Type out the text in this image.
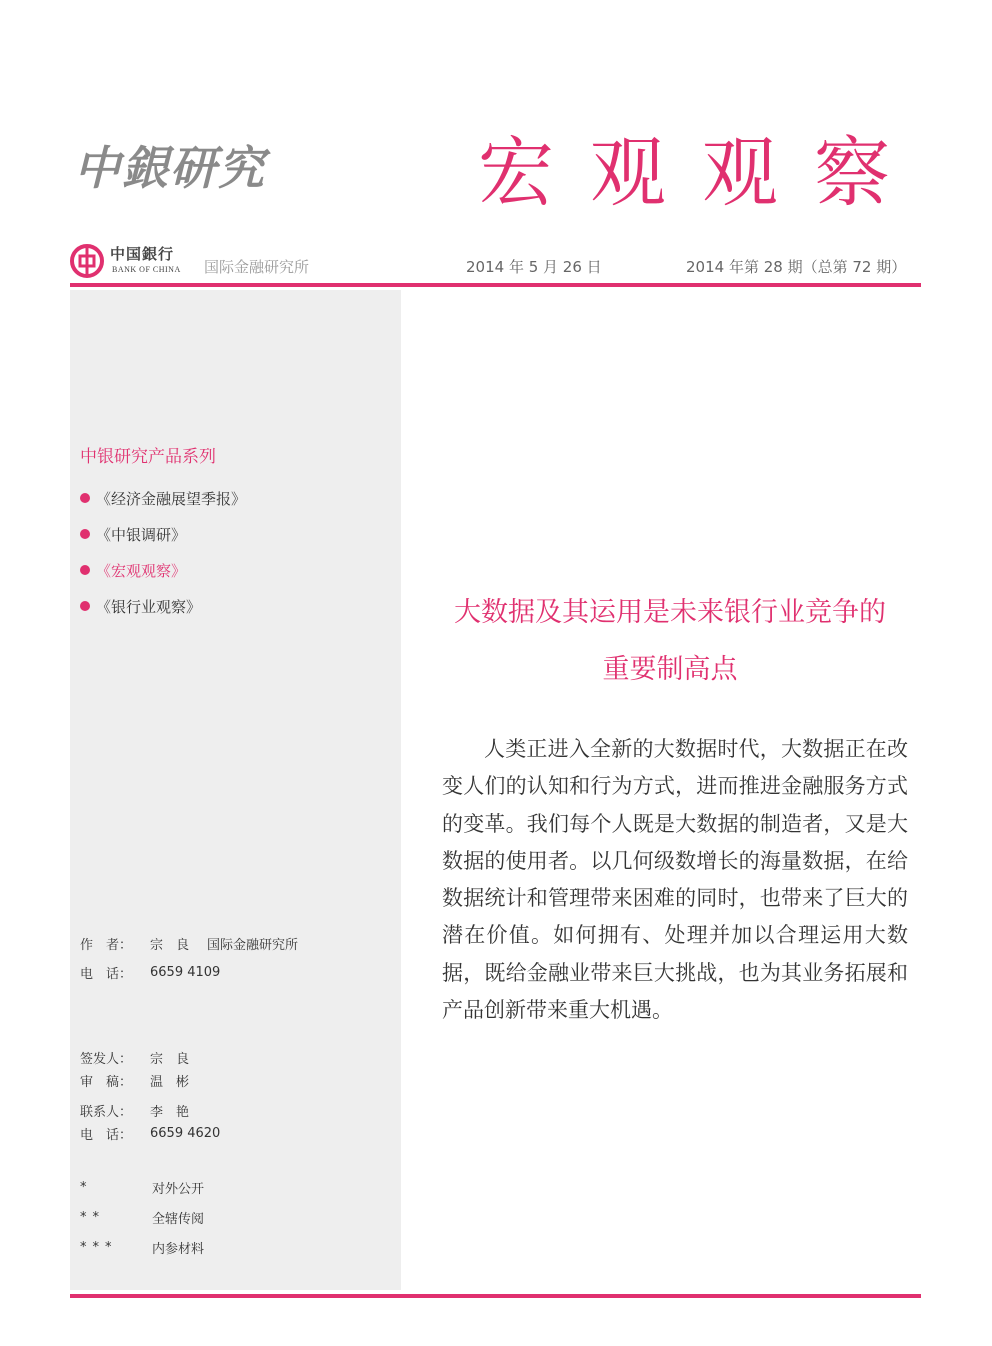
中銀研究	宏观观察
中国銀行
BANK OF CHINA 国际金融研究所	2014 年 5 月 26 日	2014 年第 28 期（总第 72 期）
中银研究产品系列
《经济金融展望季报》
《中银调研》
《宏观观察》
《银行业观察》
作　者：	宗　良 国际金融研究所
电　话：	6659 4109
签发人：	宗　良
审　稿：	温　彬
联系人：	李　艳
电　话：	6659 4620
*	对外公开
**	全辖传阅
***	内参材料
大数据及其运用是未来银行业竞争的
重要制高点
人类正进入全新的大数据时代，大数据正在改变人们的认知和行为方式，进而推进金融服务方式的变革。我们每个人既是大数据的制造者，又是大数据的使用者。以几何级数增长的海量数据，在给数据统计和管理带来困难的同时，也带来了巨大的潜在价值。如何拥有、处理并加以合理运用大数据，既给金融业带来巨大挑战，也为其业务拓展和产品创新带来重大机遇。
